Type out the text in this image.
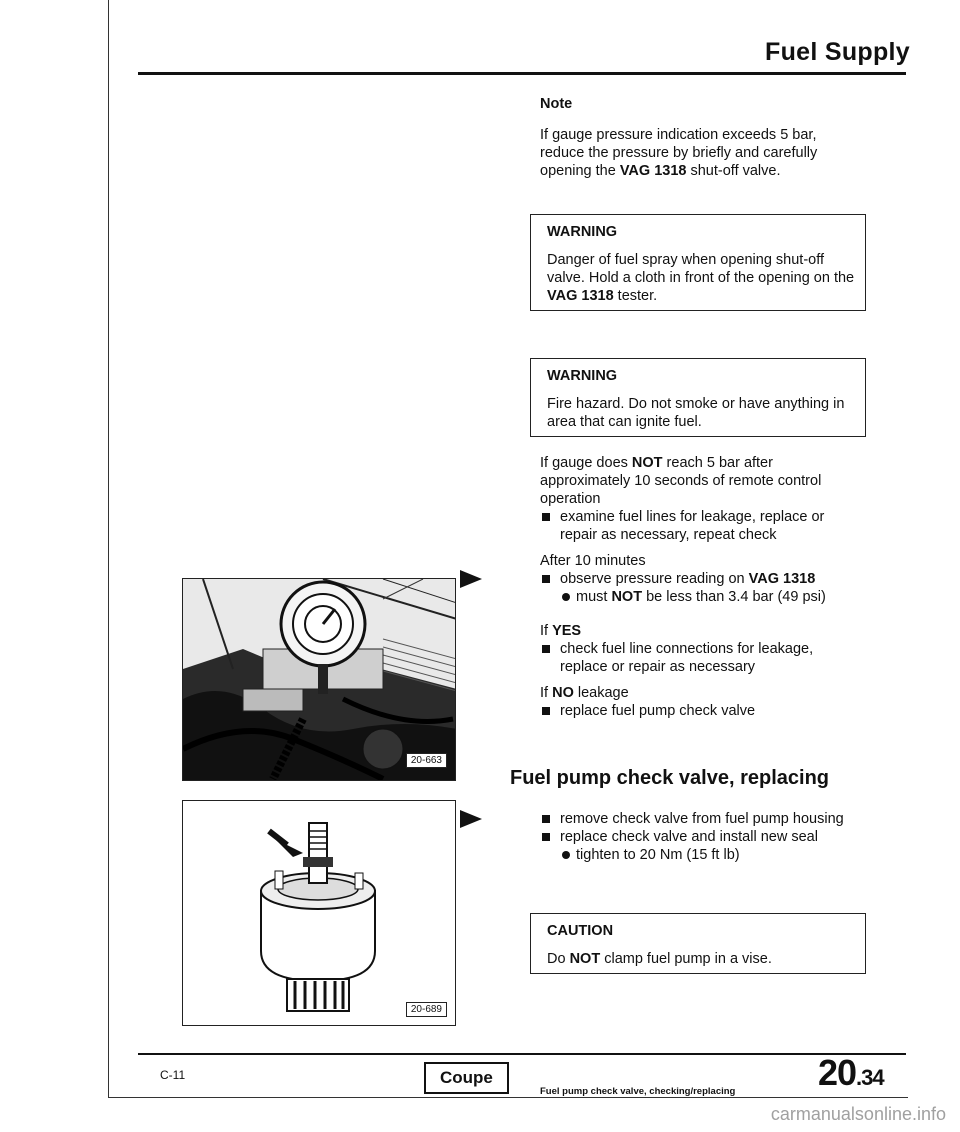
Fuel Supply
Note
If gauge pressure indication exceeds 5 bar, reduce the pressure by briefly and carefully opening the VAG 1318 shut-off valve.
WARNING
Danger of fuel spray when opening shut-off valve. Hold a cloth in front of the opening on the VAG 1318 tester.
WARNING
Fire hazard. Do not smoke or have anything in area that can ignite fuel.
If gauge does NOT reach 5 bar after approximately 10 seconds of remote control operation
examine fuel lines for leakage, replace or repair as necessary, repeat check
After 10 minutes
observe pressure reading on VAG 1318
must NOT be less than 3.4 bar (49 psi)
If YES
check fuel line connections for leakage, replace or repair as necessary
If NO leakage
replace fuel pump check valve
Fuel pump check valve, replacing
remove check valve from fuel pump housing
replace check valve and install new seal
tighten to 20 Nm (15 ft lb)
CAUTION
Do NOT clamp fuel pump in a vise.
20-663
20-689
C-11	Coupe
Fuel pump check valve, checking/replacing 20.34
carmanualsonline.info
